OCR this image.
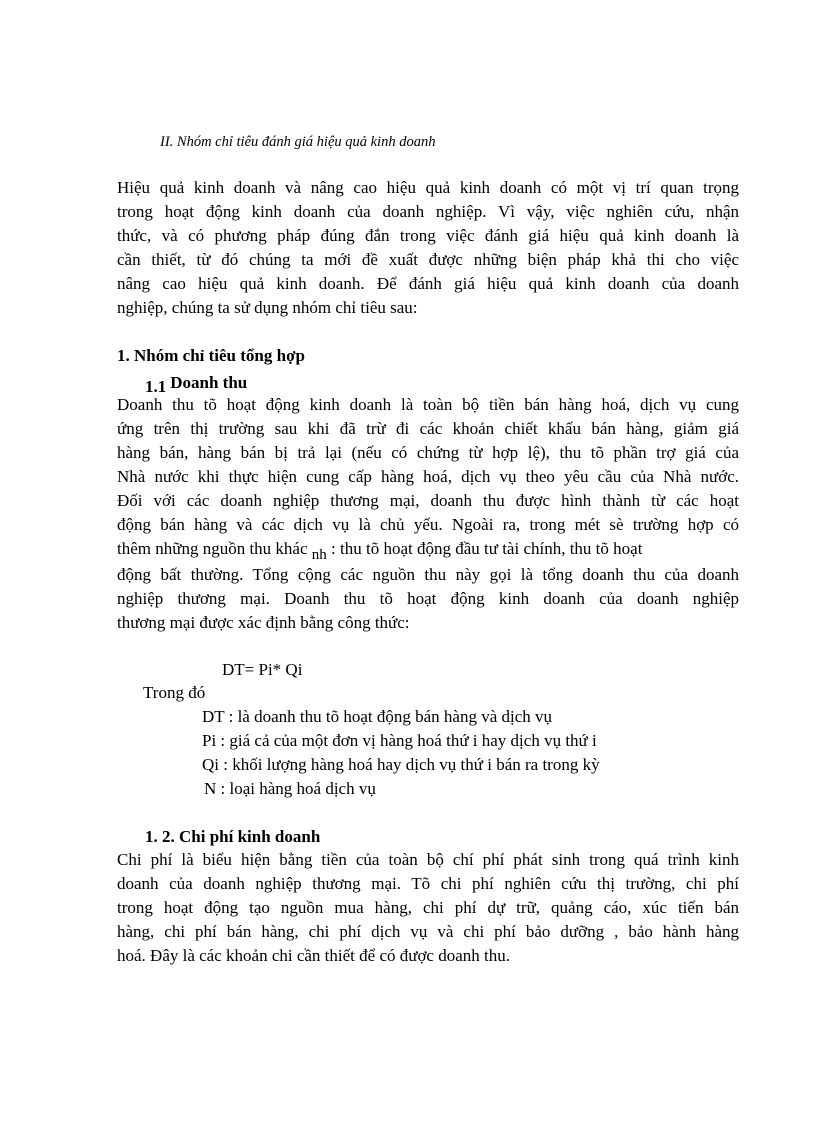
II. Nhóm chỉ tiêu đánh giá hiệu quả kinh doanh
Hiệu quả kinh doanh và nâng cao hiệu quả kinh doanh có một vị trí quan trọng
trong hoạt động kinh doanh của doanh nghiệp. Vì vậy, việc nghiên cứu, nhận
thức, và có phương pháp đúng đắn trong việc đánh giá hiệu quả kinh doanh là
cần thiết, từ đó chúng ta mới đề xuất được những biện pháp khả thi cho việc
nâng cao hiệu quả kinh doanh. Để đánh giá hiệu quả kinh doanh của doanh
nghiệp, chúng ta sử dụng nhóm chỉ tiêu sau:
1. Nhóm chỉ tiêu tổng hợp
1.1 Doanh thu
Doanh thu tõ hoạt động kinh doanh là toàn bộ tiền bán hàng hoá, dịch vụ cung
ứng trên thị trường sau khi đã trừ đi các khoản chiết khấu bán hàng, giảm giá
hàng bán, hàng bán bị trả lại (nếu có chứng từ hợp lệ), thu tõ phần trợ giá của
Nhà nước khi thực hiện cung cấp hàng hoá, dịch vụ theo yêu cầu của Nhà nước.
Đối với các doanh nghiệp thương mại, doanh thu được hình thành từ các hoạt
động bán hàng và các dịch vụ là chủ yếu. Ngoài ra, trong mét sè trường hợp có
thêm những nguồn thu khác nh : thu tõ hoạt động đầu tư tài chính, thu tõ hoạt
động bất thường. Tổng cộng các nguồn thu này gọi là tổng doanh thu của doanh
nghiệp thương mại. Doanh thu tõ hoạt động kinh doanh của doanh nghiệp
thương mại được xác định bằng công thức:
DT= Pi* Qi
Trong đó
DT : là doanh thu tõ hoạt động bán hàng và dịch vụ
Pi : giá cả của một đơn vị hàng hoá thứ i hay dịch vụ thứ i
Qi : khối lượng hàng hoá hay dịch vụ thứ i bán ra trong kỳ
N : loại hàng hoá dịch vụ
1. 2. Chi phí kinh doanh
Chi phí là biểu hiện bằng tiền của toàn bộ chí phí phát sinh trong quá trình kinh
doanh của doanh nghiệp thương mại. Tõ chi phí nghiên cứu thị trường, chi phí
trong hoạt động tạo nguồn mua hàng, chi phí dự trữ, quảng cáo, xúc tiến bán
hàng, chi phí bán hàng, chi phí dịch vụ và chi phí bảo dưỡng , bảo hành hàng
hoá. Đây là các khoản chi cần thiết để có được doanh thu.
